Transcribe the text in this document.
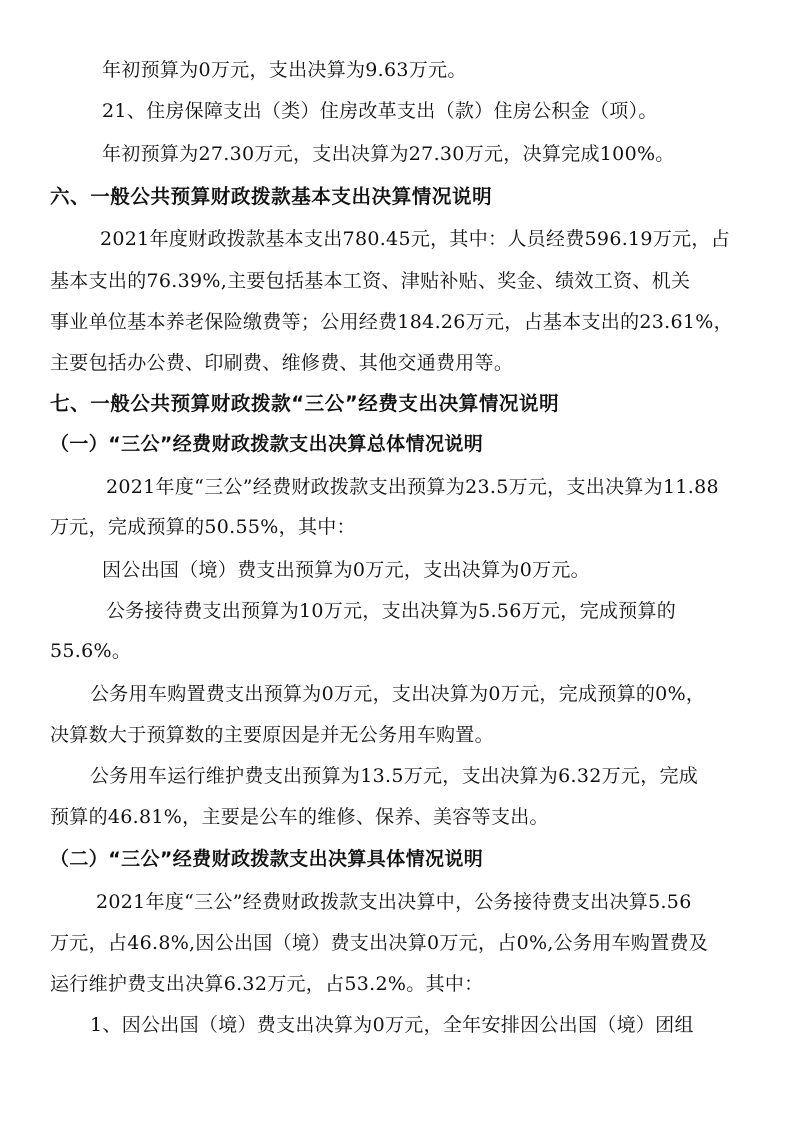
年初预算为0万元，支出决算为9.63万元。
21、住房保障支出（类）住房改革支出（款）住房公积金（项）。
年初预算为27.30万元，支出决算为27.30万元，决算完成100%。
六、一般公共预算财政拨款基本支出决算情况说明
2021年度财政拨款基本支出780.45元，其中：人员经费596.19万元，占
基本支出的76.39%,主要包括基本工资、津贴补贴、奖金、绩效工资、机关
事业单位基本养老保险缴费等；公用经费184.26万元，占基本支出的23.61%，
主要包括办公费、印刷费、维修费、其他交通费用等。
七、一般公共预算财政拨款“三公”经费支出决算情况说明
（一）“三公”经费财政拨款支出决算总体情况说明
2021年度“三公”经费财政拨款支出预算为23.5万元，支出决算为11.88
万元，完成预算的50.55%，其中：
因公出国（境）费支出预算为0万元，支出决算为0万元。
公务接待费支出预算为10万元，支出决算为5.56万元，完成预算的
55.6%。
公务用车购置费支出预算为0万元，支出决算为0万元，完成预算的0%，
决算数大于预算数的主要原因是并无公务用车购置。
公务用车运行维护费支出预算为13.5万元，支出决算为6.32万元，完成
预算的46.81%，主要是公车的维修、保养、美容等支出。
（二）“三公”经费财政拨款支出决算具体情况说明
2021年度“三公”经费财政拨款支出决算中，公务接待费支出决算5.56
万元，占46.8%,因公出国（境）费支出决算0万元，占0%,公务用车购置费及
运行维护费支出决算6.32万元，占53.2%。其中：
1、因公出国（境）费支出决算为0万元，全年安排因公出国（境）团组
